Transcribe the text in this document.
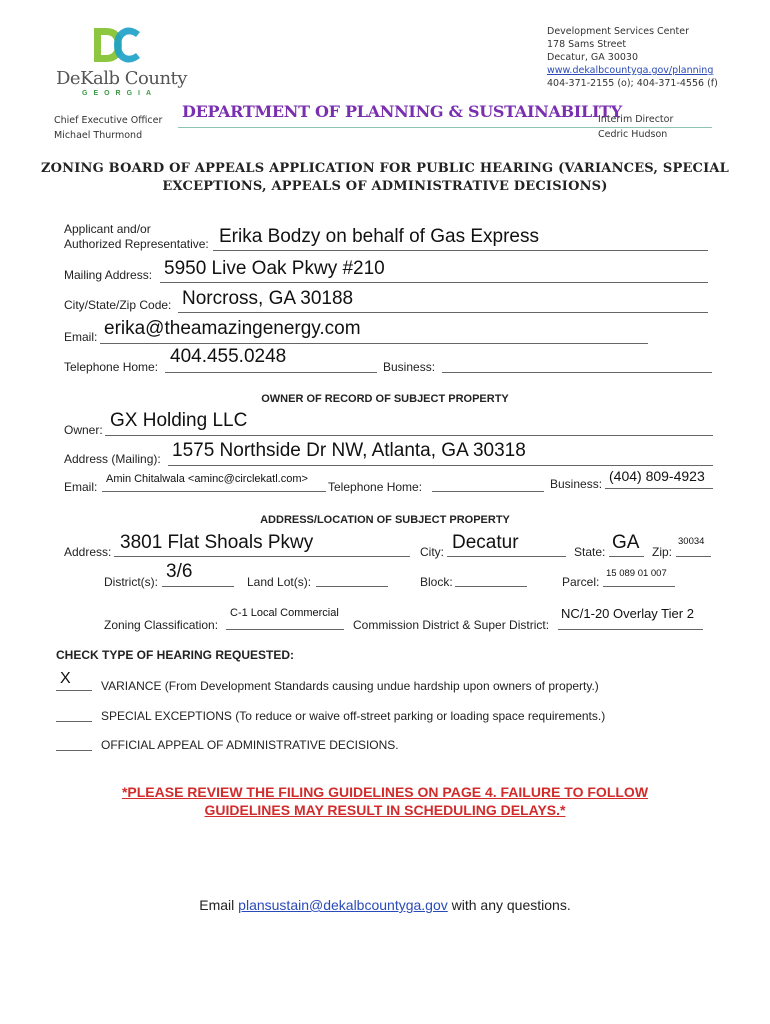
DeKalb County
GEORGIA
Development Services Center
178 Sams Street
Decatur, GA 30030
www.dekalbcountyga.gov/planning
404-371-2155 (o); 404-371-4556 (f)
Chief Executive Officer
Michael Thurmond
DEPARTMENT OF PLANNING & SUSTAINABILITY
Interim Director
Cedric Hudson
ZONING BOARD OF APPEALS APPLICATION FOR PUBLIC HEARING (VARIANCES, SPECIAL
EXCEPTIONS, APPEALS OF ADMINISTRATIVE DECISIONS)
Applicant and/or
Authorized Representative: Erika Bodzy on behalf of Gas Express
Mailing Address: 5950 Live Oak Pkwy #210
City/State/Zip Code: Norcross, GA 30188
Email: erika@theamazingenergy.com
Telephone Home: 404.455.0248	Business:
OWNER OF RECORD OF SUBJECT PROPERTY
Owner: GX Holding LLC
Address (Mailing): 1575 Northside Dr NW, Atlanta, GA 30318
Email:
Amin Chitalwala <aminc@circlekatl.com>
Telephone Home:	Business: (404) 809-4923
ADDRESS/LOCATION OF SUBJECT PROPERTY
Address: 3801 Flat Shoals Pkwy	City: Decatur	State: GA Zip:
30034
District(s): 3/6	Land Lot(s):	Block:	Parcel:
15 089 01 007
Zoning Classification:
C-1 Local Commercial
Commission District & Super District:
NC/1-20 Overlay Tier 2
CHECK TYPE OF HEARING REQUESTED:
X	VARIANCE (From Development Standards causing undue hardship upon owners of property.)
SPECIAL EXCEPTIONS (To reduce or waive off-street parking or loading space requirements.)
OFFICIAL APPEAL OF ADMINISTRATIVE DECISIONS.
*PLEASE REVIEW THE FILING GUIDELINES ON PAGE 4. FAILURE TO FOLLOW
GUIDELINES MAY RESULT IN SCHEDULING DELAYS.*
Email plansustain@dekalbcountyga.gov with any questions.
